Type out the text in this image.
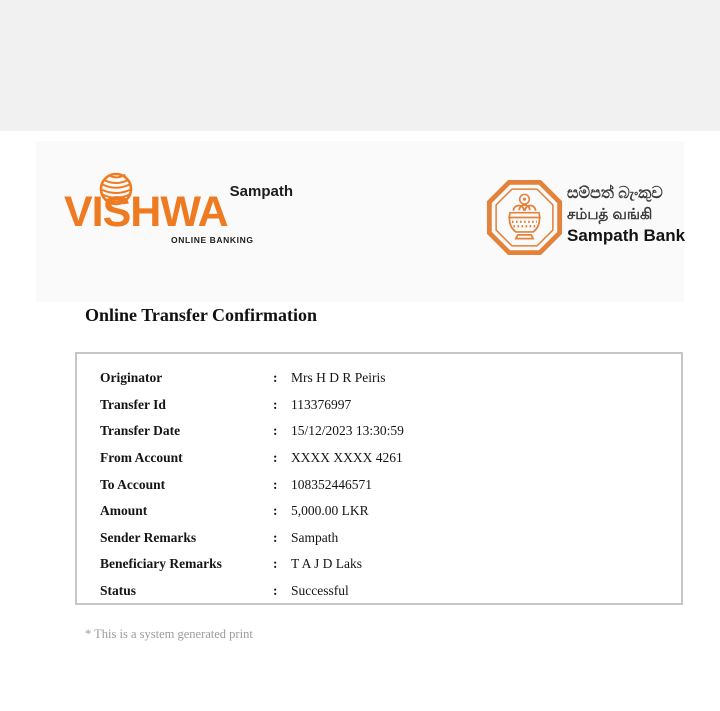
Sampath
VISHWA
ONLINE BANKING
සම්පත් බැංකුව
சம்பத் வங்கி
Sampath Bank
Online Transfer Confirmation
Originator	:	Mrs H D R Peiris
Transfer Id	:	113376997
Transfer Date	:	15/12/2023 13:30:59
From Account	:	XXXX XXXX 4261
To Account	:	108352446571
Amount	:	5,000.00 LKR
Sender Remarks	:	Sampath
Beneficiary Remarks	:	T A J D Laks
Status	:	Successful
* This is a system generated print
